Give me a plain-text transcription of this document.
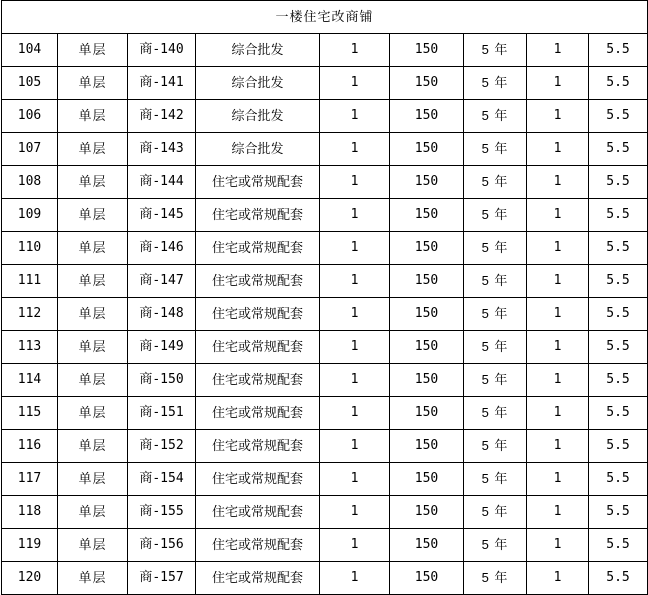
一楼住宅改商铺								
104	单层	商-140	综合批发	1	150	5 年	1	5.5
105	单层	商-141	综合批发	1	150	5 年	1	5.5
106	单层	商-142	综合批发	1	150	5 年	1	5.5
107	单层	商-143	综合批发	1	150	5 年	1	5.5
108	单层	商-144	住宅或常规配套	1	150	5 年	1	5.5
109	单层	商-145	住宅或常规配套	1	150	5 年	1	5.5
110	单层	商-146	住宅或常规配套	1	150	5 年	1	5.5
111	单层	商-147	住宅或常规配套	1	150	5 年	1	5.5
112	单层	商-148	住宅或常规配套	1	150	5 年	1	5.5
113	单层	商-149	住宅或常规配套	1	150	5 年	1	5.5
114	单层	商-150	住宅或常规配套	1	150	5 年	1	5.5
115	单层	商-151	住宅或常规配套	1	150	5 年	1	5.5
116	单层	商-152	住宅或常规配套	1	150	5 年	1	5.5
117	单层	商-154	住宅或常规配套	1	150	5 年	1	5.5
118	单层	商-155	住宅或常规配套	1	150	5 年	1	5.5
119	单层	商-156	住宅或常规配套	1	150	5 年	1	5.5
120	单层	商-157	住宅或常规配套	1	150	5 年	1	5.5
